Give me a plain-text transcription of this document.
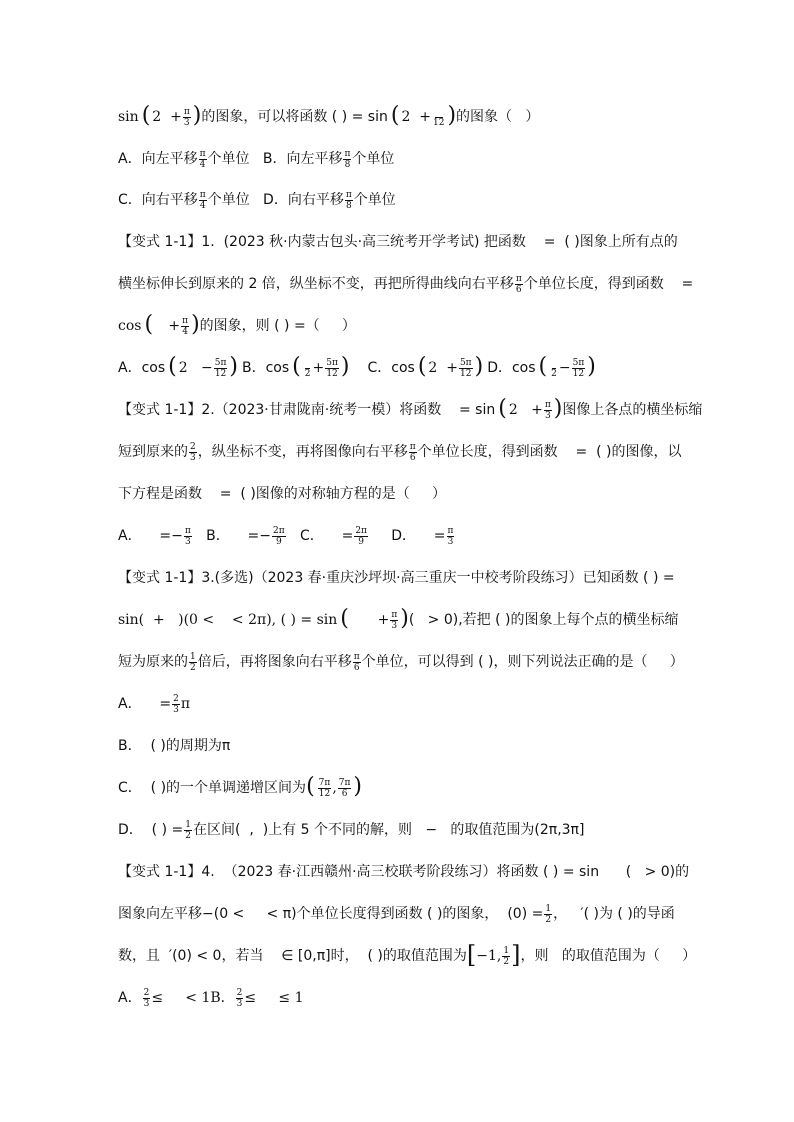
sin ( $2 + \frac{\pi}{3}$ ) 的图象，可以将函数 ( ) = sin ( 2  +
12 ) 的图象（   ）
A．向左平移 $\frac{\pi}{4}$ 个单位   B．向左平移 $\frac{\pi}{8}$ 个单位
C．向右平移 $\frac{\pi}{4}$ 个单位   D．向右平移 $\frac{\pi}{8}$ 个单位
【变式 1-1】1.  (2023 秋·内蒙古包头·高三统考开学考试) 把函数    =  ( )图象上所有点的
横坐标伸长到原来的 2 倍，纵坐标不变，再把所得曲线向右平移 $\frac{\pi}{6}$ 个单位长度，得到函数    =
cos ( + $\frac{\pi}{4}$ ) 的图象，则 ( ) =（     ）
A．cos ( $2 - \frac{5\pi}{12}$ ) B．cos (
$2 + \frac{5\pi}{12}$ ) C．cos ( $2 + \frac{5\pi}{12}$ ) D．cos (
$2 - \frac{5\pi}{12}$ )
【变式 1-1】2.（2023·甘肃陇南·统考一模）将函数    = sin ( $2 + \frac{\pi}{3}$ ) 图像上各点的横坐标缩
短到原来的 $\frac{2}{3}$ ，纵坐标不变，再将图像向右平移 $\frac{\pi}{6}$ 个单位长度，得到函数    =  ( )的图像，以
下方程是函数    =  ( )图像的对称轴方程的是（     ）
A．    =− $\frac{\pi}{3}$ B．    =− $\frac{2\pi}{9}$ C．    = $\frac{2\pi}{9}$ D．    = $\frac{\pi}{3}$
【变式 1-1】3.(多选)（2023 春·重庆沙坪坝·高三重庆一中校考阶段练习）已知函数 ( ) =
sin(  +   )(0 <    < 2π), ( ) = sin ( + $\frac{\pi}{3}$ ) (   > 0),若把 ( )的图象上每个点的横坐标缩
短为原来的 $\frac{1}{2}$ 倍后，再将图象向右平移 $\frac{\pi}{6}$ 个单位，可以得到 ( )，则下列说法正确的是（     ）
A．    = $\frac{2}{3}$ π
B．  ( )的周期为π
C．  ( )的一个单调递增区间为 ( $\frac{7\pi}{12}$ , $\frac{7\pi}{6}$ )
D．  ( ) = $\frac{1}{2}$ 在区间(  ,  )上有 5 个不同的解，则   −   的取值范围为(2π,3π]
【变式 1-1】4.  （2023 春·江西赣州·高三校联考阶段练习）将函数 ( ) = sin      (   > 0)的
图象向左平移−(0 <     < π)个单位长度得到函数 ( )的图象，  $(0) = \frac{1}{2}$ ，   ′( )为 ( )的导函
数，且  ′(0) < 0，若当    ∈ [0,π]时，  ( )的取值范围为 [ −1, $\frac{1}{2}$ ] ，则   的取值范围为（     ）
A． $\frac{2}{3}$ ≤     < 1B． $\frac{2}{3}$ ≤     ≤ 1
